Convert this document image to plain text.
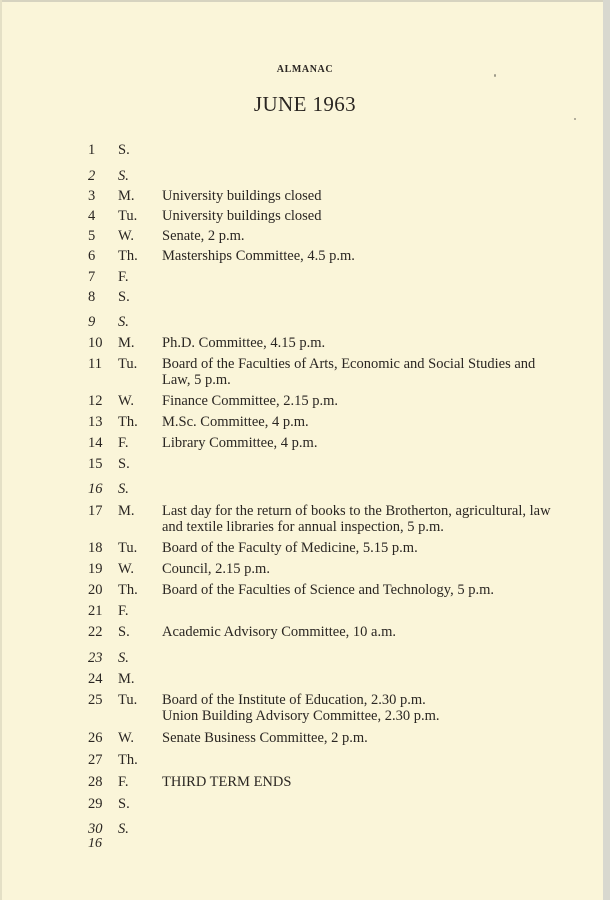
ALMANAC
JUNE 1963
1	S.
2	S.
3	M.	University buildings closed
4	Tu.	University buildings closed
5	W.	Senate, 2 p.m.
6	Th.	Masterships Committee, 4.5 p.m.
7	F.
8	S.
9	S.
10	M.	Ph.D. Committee, 4.15 p.m.
11	Tu.	Board of the Faculties of Arts, Economic and Social Studies and Law, 5 p.m.
12	W.	Finance Committee, 2.15 p.m.
13	Th.	M.Sc. Committee, 4 p.m.
14	F.	Library Committee, 4 p.m.
15	S.
16	S.
17	M.	Last day for the return of books to the Brotherton, agricultural, law and textile libraries for annual inspection, 5 p.m.
18	Tu.	Board of the Faculty of Medicine, 5.15 p.m.
19	W.	Council, 2.15 p.m.
20	Th.	Board of the Faculties of Science and Technology, 5 p.m.
21	F.
22	S.	Academic Advisory Committee, 10 a.m.
23	S.
24	M.
25	Tu.	Board of the Institute of Education, 2.30 p.m.
Union Building Advisory Committee, 2.30 p.m.
26	W.	Senate Business Committee, 2 p.m.
27	Th.
28	F.	THIRD TERM ENDS
29	S.
30	S.
16
